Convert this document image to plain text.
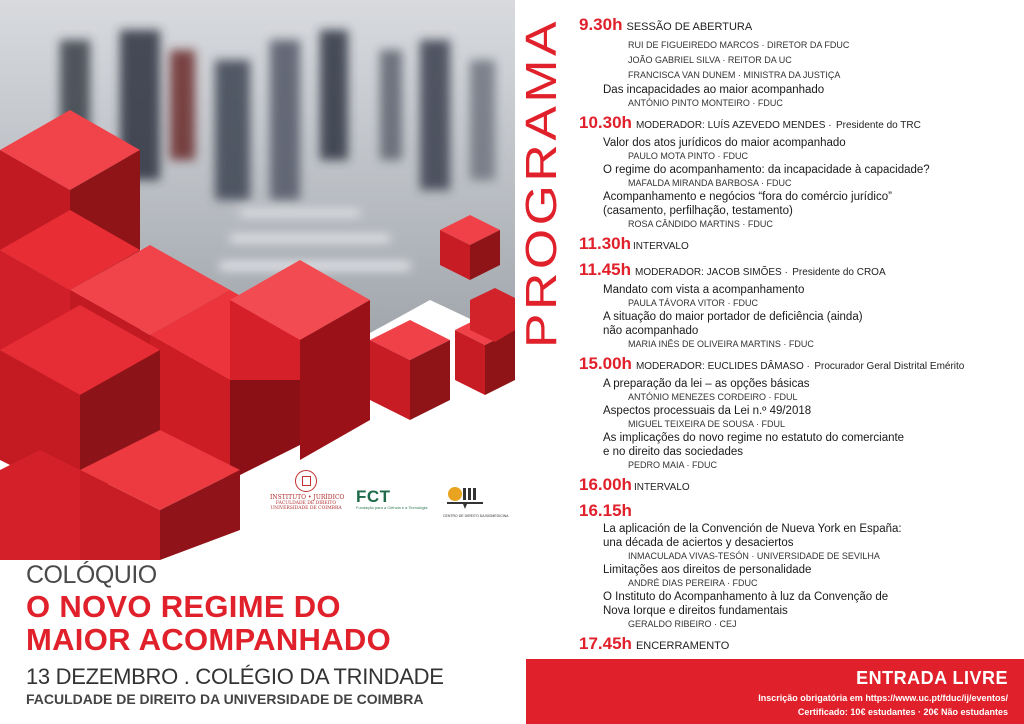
INSTITUTO • JURÍDICO
FACULDADE DE DIREITO
UNIVERSIDADE DE COIMBRA
FCT
Fundação para a Ciência e a Tecnologia
CENTRO DE DIREITO DA BIOMEDICINA
COLÓQUIO
O NOVO REGIME DO
MAIOR ACOMPANHADO
13 DEZEMBRO . COLÉGIO DA TRINDADE
FACULDADE DE DIREITO DA UNIVERSIDADE DE COIMBRA
PROGRAMA
9.30h SESSÃO DE ABERTURA
RUI DE FIGUEIREDO MARCOS · DIRETOR DA FDUC
JOÃO GABRIEL SILVA · REITOR DA UC
FRANCISCA VAN DUNEM · MINISTRA DA JUSTIÇA
Das incapacidades ao maior acompanhado
ANTÓNIO PINTO MONTEIRO · FDUC
10.30h MODERADOR: LUÍS AZEVEDO MENDES · Presidente do TRC
Valor dos atos jurídicos do maior acompanhado
PAULO MOTA PINTO · FDUC
O regime do acompanhamento: da incapacidade à capacidade?
MAFALDA MIRANDA BARBOSA · FDUC
Acompanhamento e negócios “fora do comércio jurídico”
(casamento, perfilhação, testamento)
ROSA CÂNDIDO MARTINS · FDUC
11.30h INTERVALO
11.45h MODERADOR: JACOB SIMÕES · Presidente do CROA
Mandato com vista a acompanhamento
PAULA TÁVORA VITOR · FDUC
A situação do maior portador de deficiência (ainda)
não acompanhado
MARIA INÊS DE OLIVEIRA MARTINS · FDUC
15.00h MODERADOR: EUCLIDES DÂMASO · Procurador Geral Distrital Emérito
A preparação da lei – as opções básicas
ANTÓNIO MENEZES CORDEIRO · FDUL
Aspectos processuais da Lei n.º 49/2018
MIGUEL TEIXEIRA DE SOUSA · FDUL
As implicações do novo regime no estatuto do comerciante
e no direito das sociedades
PEDRO MAIA · FDUC
16.00h INTERVALO
16.15h
La aplicación de la Convención de Nueva York en España:
una década de aciertos y desaciertos
INMACULADA VIVAS-TESÓN · UNIVERSIDADE DE SEVILHA
Limitações aos direitos de personalidade
ANDRÉ DIAS PEREIRA · FDUC
O Instituto do Acompanhamento à luz da Convenção de
Nova Iorque e direitos fundamentais
GERALDO RIBEIRO · CEJ
17.45h ENCERRAMENTO
ENTRADA LIVRE
Inscrição obrigatória em https://www.uc.pt/fduc/ij/eventos/
Certificado: 10€ estudantes · 20€ Não estudantes
